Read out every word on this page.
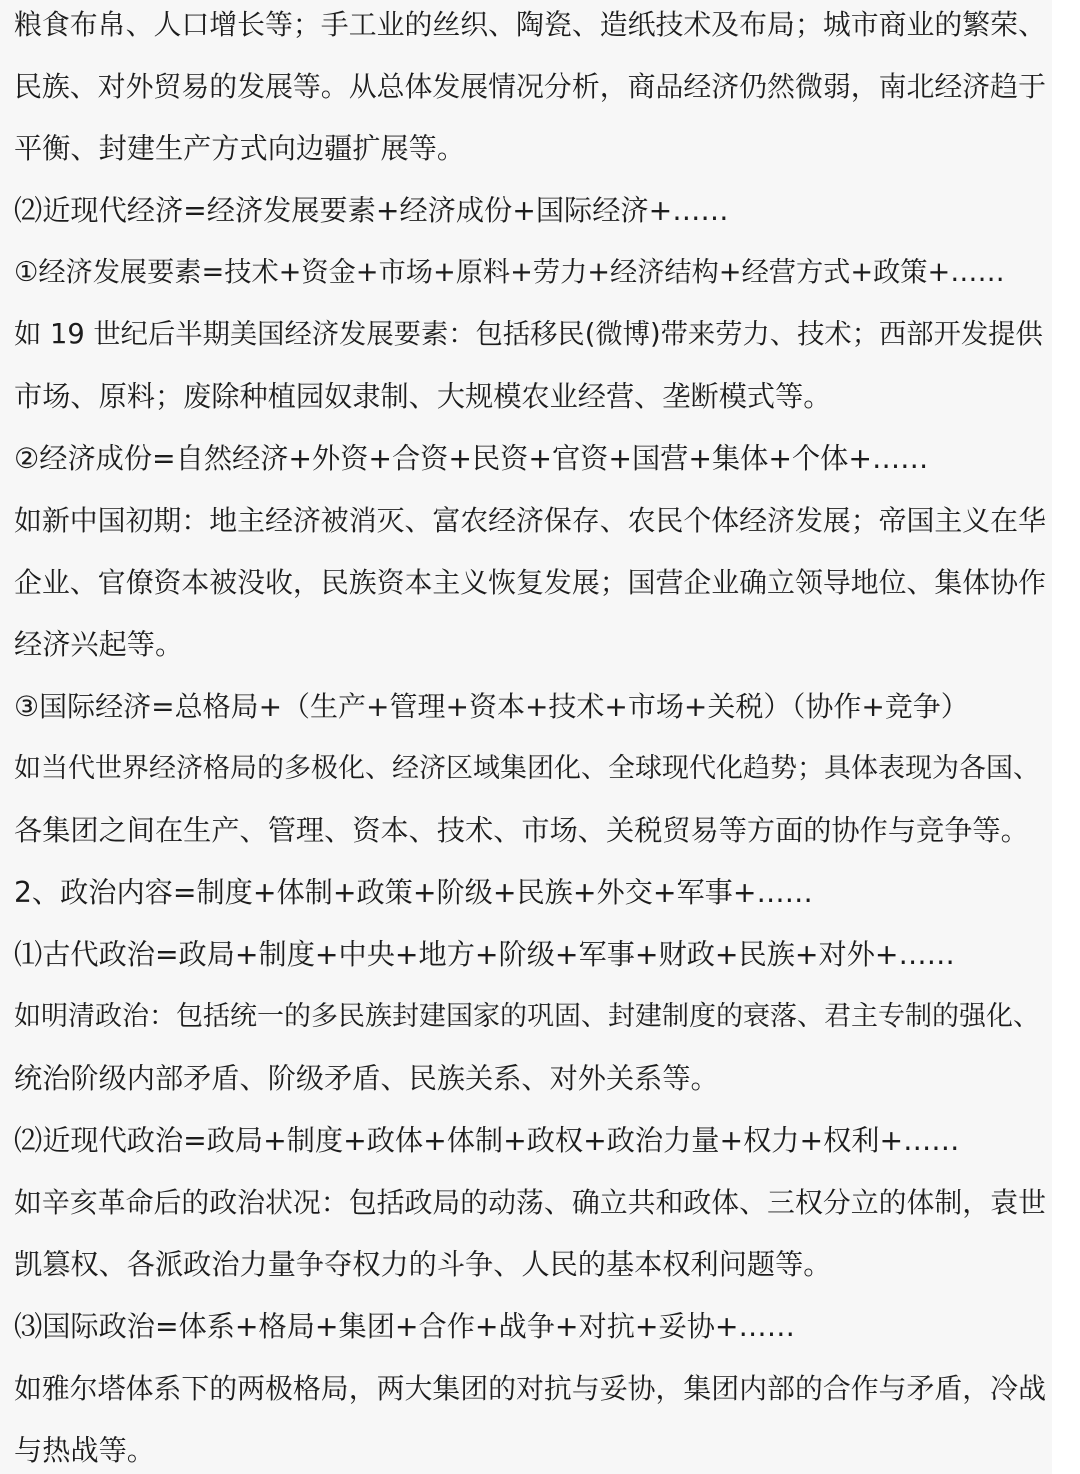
粮食布帛、人口增长等；手工业的丝织、陶瓷、造纸技术及布局；城市商业的繁荣、
民族、对外贸易的发展等。从总体发展情况分析，商品经济仍然微弱，南北经济趋于
平衡、封建生产方式向边疆扩展等。
⑵近现代经济=经济发展要素+经济成份+国际经济+……
①经济发展要素=技术+资金+市场+原料+劳力+经济结构+经营方式+政策+……
如 19 世纪后半期美国经济发展要素：包括移民(微博)带来劳力、技术；西部开发提供
市场、原料；废除种植园奴隶制、大规模农业经营、垄断模式等。
②经济成份=自然经济+外资+合资+民资+官资+国营+集体+个体+……
如新中国初期：地主经济被消灭、富农经济保存、农民个体经济发展；帝国主义在华
企业、官僚资本被没收，民族资本主义恢复发展；国营企业确立领导地位、集体协作
经济兴起等。
③国际经济=总格局+（生产+管理+资本+技术+市场+关税）（协作+竞争）
如当代世界经济格局的多极化、经济区域集团化、全球现代化趋势；具体表现为各国、
各集团之间在生产、管理、资本、技术、市场、关税贸易等方面的协作与竞争等。
2、政治内容=制度+体制+政策+阶级+民族+外交+军事+……
⑴古代政治=政局+制度+中央+地方+阶级+军事+财政+民族+对外+……
如明清政治：包括统一的多民族封建国家的巩固、封建制度的衰落、君主专制的强化、
统治阶级内部矛盾、阶级矛盾、民族关系、对外关系等。
⑵近现代政治=政局+制度+政体+体制+政权+政治力量+权力+权利+……
如辛亥革命后的政治状况：包括政局的动荡、确立共和政体、三权分立的体制，袁世
凯篡权、各派政治力量争夺权力的斗争、人民的基本权利问题等。
⑶国际政治=体系+格局+集团+合作+战争+对抗+妥协+……
如雅尔塔体系下的两极格局，两大集团的对抗与妥协，集团内部的合作与矛盾，冷战
与热战等。
